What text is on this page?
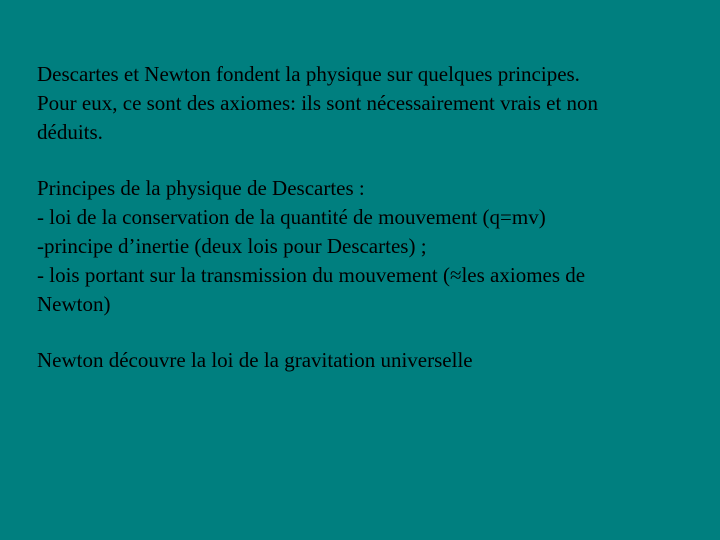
Descartes et Newton fondent la physique sur quelques principes.
Pour eux, ce sont des axiomes: ils sont nécessairement vrais et non
déduits.

Principes de la physique de Descartes :
- loi de la conservation de la quantité de mouvement (q=mv)
-principe d’inertie (deux lois pour Descartes) ;
- lois portant sur la transmission du mouvement (≈les axiomes de
Newton)

Newton découvre la loi de la gravitation universelle
